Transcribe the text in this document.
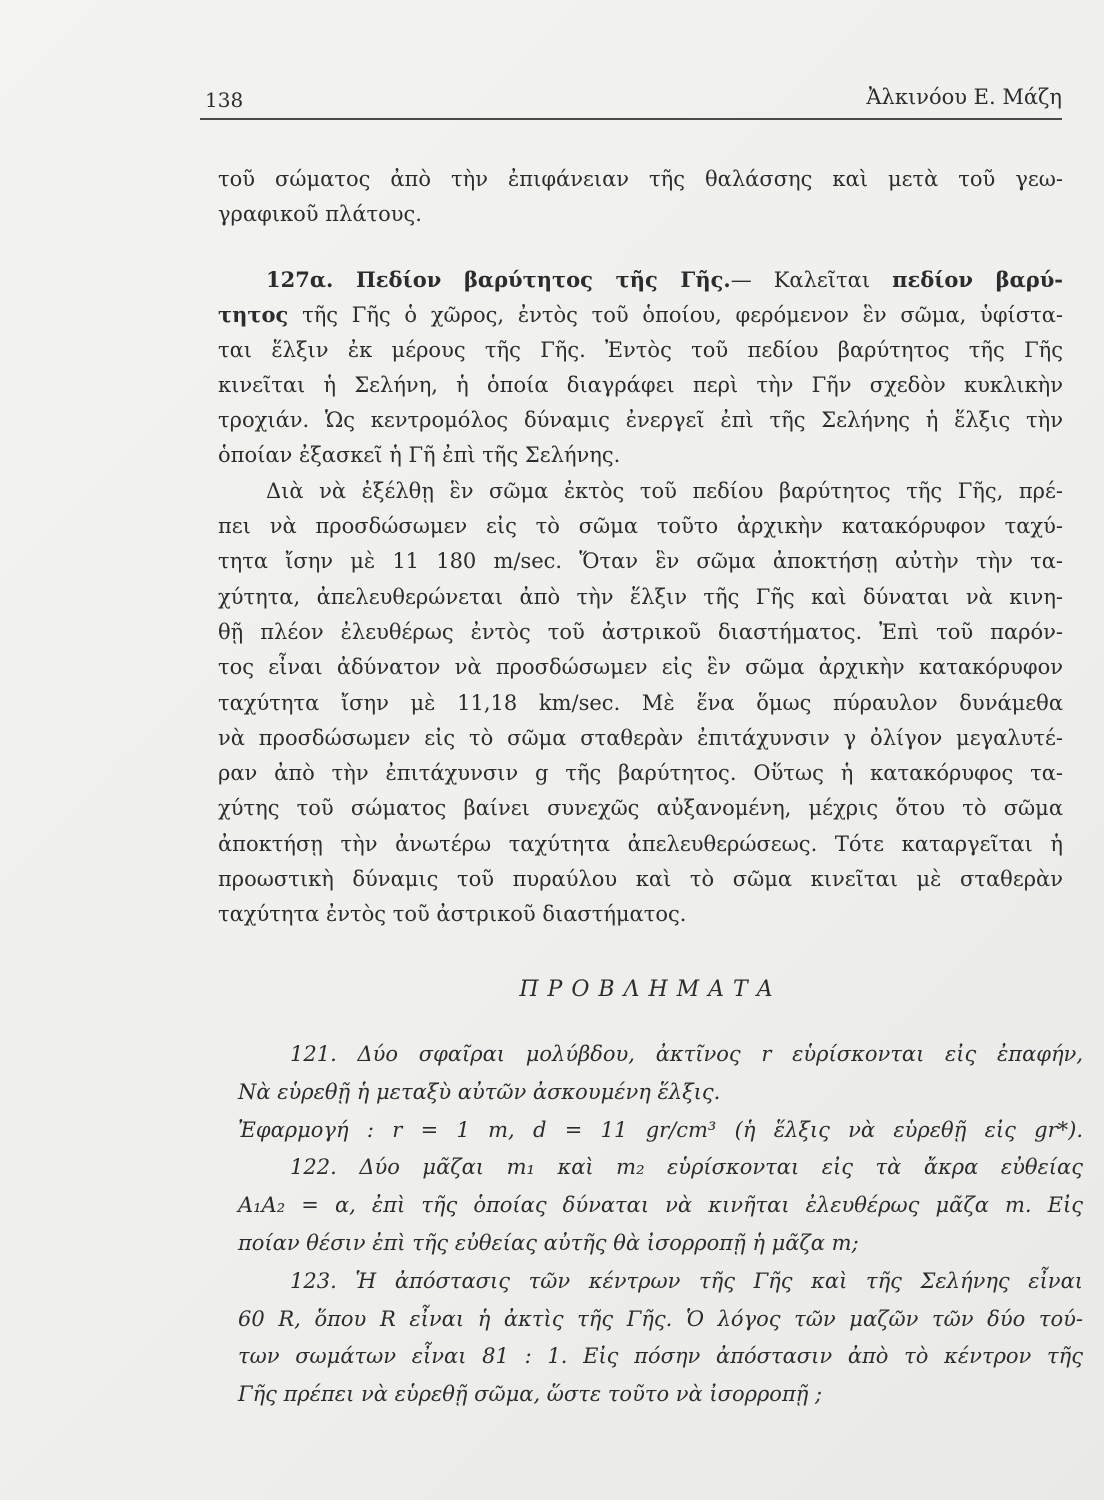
138	Ἀλκινόου Ε. Μάζη
τοῦ σώματος ἀπὸ τὴν ἐπιφάνειαν τῆς θαλάσσης καὶ μετὰ τοῦ γεω-
γραφικοῦ πλάτους.
127α. Πεδίον βαρύτητος τῆς Γῆς.— Καλεῖται πεδίον βαρύ-
τητος τῆς Γῆς ὁ χῶρος, ἐντὸς τοῦ ὁποίου, φερόμενον ἓν σῶμα, ὑφίστα-
ται ἕλξιν ἐκ μέρους τῆς Γῆς. Ἐντὸς τοῦ πεδίου βαρύτητος τῆς Γῆς
κινεῖται ἡ Σελήνη, ἡ ὁποία διαγράφει περὶ τὴν Γῆν σχεδὸν κυκλικὴν
τροχιάν. Ὡς κεντρομόλος δύναμις ἐνεργεῖ ἐπὶ τῆς Σελήνης ἡ ἕλξις τὴν
ὁποίαν ἐξασκεῖ ἡ Γῆ ἐπὶ τῆς Σελήνης.
Διὰ νὰ ἐξέλθῃ ἓν σῶμα ἐκτὸς τοῦ πεδίου βαρύτητος τῆς Γῆς, πρέ-
πει νὰ προσδώσωμεν εἰς τὸ σῶμα τοῦτο ἀρχικὴν κατακόρυφον ταχύ-
τητα ἴσην μὲ 11 180 m/sec. Ὅταν ἓν σῶμα ἀποκτήσῃ αὐτὴν τὴν τα-
χύτητα, ἀπελευθερώνεται ἀπὸ τὴν ἕλξιν τῆς Γῆς καὶ δύναται νὰ κινη-
θῇ πλέον ἐλευθέρως ἐντὸς τοῦ ἀστρικοῦ διαστήματος. Ἐπὶ τοῦ παρόν-
τος εἶναι ἀδύνατον νὰ προσδώσωμεν εἰς ἓν σῶμα ἀρχικὴν κατακόρυφον
ταχύτητα ἴσην μὲ 11,18 km/sec. Μὲ ἕνα ὅμως πύραυλον δυνάμεθα
νὰ προσδώσωμεν εἰς τὸ σῶμα σταθερὰν ἐπιτάχυνσιν γ ὀλίγον μεγαλυτέ-
ραν ἀπὸ τὴν ἐπιτάχυνσιν g τῆς βαρύτητος. Οὕτως ἡ κατακόρυφος τα-
χύτης τοῦ σώματος βαίνει συνεχῶς αὐξανομένη, μέχρις ὅτου τὸ σῶμα
ἀποκτήσῃ τὴν ἀνωτέρω ταχύτητα ἀπελευθερώσεως. Τότε καταργεῖται ἡ
προωστικὴ δύναμις τοῦ πυραύλου καὶ τὸ σῶμα κινεῖται μὲ σταθερὰν
ταχύτητα ἐντὸς τοῦ ἀστρικοῦ διαστήματος.
ΠΡΟΒΛΗΜΑΤΑ
121. Δύο σφαῖραι μολύβδου, ἀκτῖνος r εὑρίσκονται εἰς ἐπαφήν,
Νὰ εὑρεθῇ ἡ μεταξὺ αὐτῶν ἀσκουμένη ἕλξις.
Ἐφαρμογή : r = 1 m, d = 11 gr/cm³ (ἡ ἕλξις νὰ εὑρεθῇ εἰς gr*).
122. Δύο μᾶζαι m₁ καὶ m₂ εὑρίσκονται εἰς τὰ ἄκρα εὐθείας
Α₁Α₂ = α, ἐπὶ τῆς ὁποίας δύναται νὰ κινῆται ἐλευθέρως μᾶζα m. Εἰς
ποίαν θέσιν ἐπὶ τῆς εὐθείας αὐτῆς θὰ ἰσορροπῇ ἡ μᾶζα m;
123. Ἡ ἀπόστασις τῶν κέντρων τῆς Γῆς καὶ τῆς Σελήνης εἶναι
60 R, ὅπου R εἶναι ἡ ἀκτὶς τῆς Γῆς. Ὁ λόγος τῶν μαζῶν τῶν δύο τού-
των σωμάτων εἶναι 81 : 1. Εἰς πόσην ἀπόστασιν ἀπὸ τὸ κέντρον τῆς
Γῆς πρέπει νὰ εὑρεθῇ σῶμα, ὥστε τοῦτο νὰ ἰσορροπῇ ;
